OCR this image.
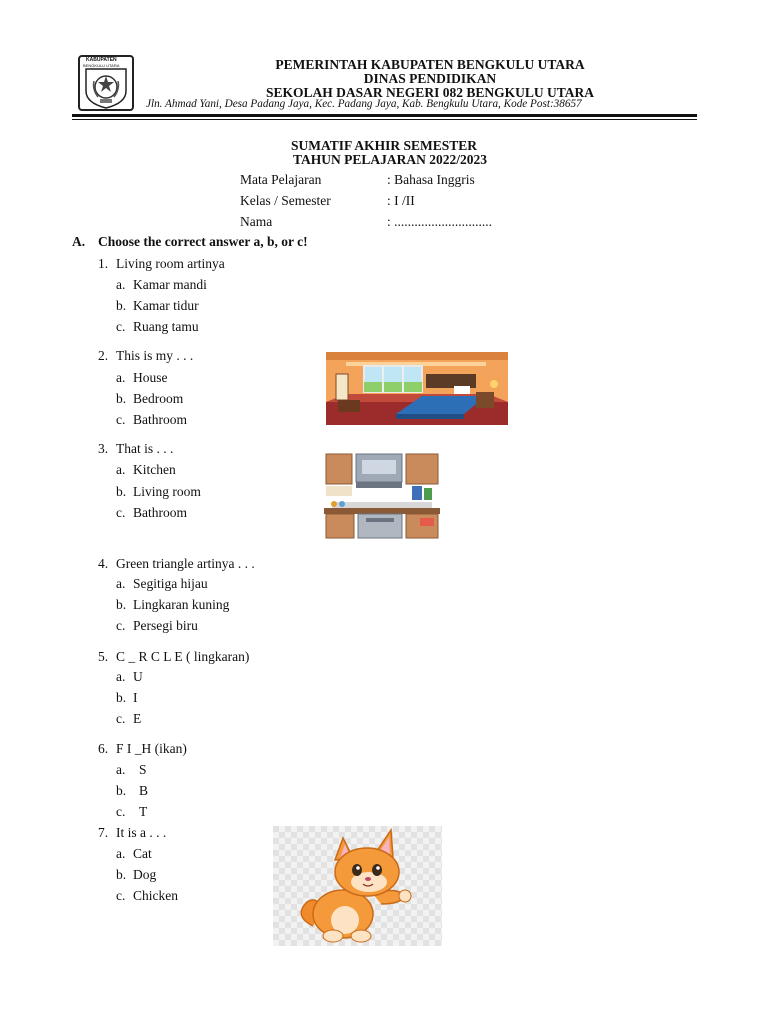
KABUPATEN
BENGKULU UTARA	PEMERINTAH KABUPATEN BENGKULU UTARA
DINAS PENDIDIKAN
SEKOLAH DASAR NEGERI 082 BENGKULU UTARA
Jln. Ahmad Yani, Desa Padang Jaya, Kec. Padang Jaya, Kab. Bengkulu Utara, Kode Post:38657
SUMATIF AKHIR SEMESTER
TAHUN PELAJARAN 2022/2023
Mata Pelajaran	: Bahasa Inggris
Kelas / Semester	: I /II
Nama	: .............................
A. Choose the correct answer a, b, or c!
1. Living room artinya
a. Kamar mandi
b. Kamar tidur
c. Ruang tamu
2. This is my . . .
a. House
b. Bedroom
c. Bathroom
3. That is . . .
a. Kitchen
b. Living room
c. Bathroom
4. Green triangle artinya . . .
a. Segitiga hijau
b. Lingkaran kuning
c. Persegi biru
5. C _ R C L E ( lingkaran)
a. U
b. I
c. E
6. F I _H (ikan)
a. S
b. B
c. T
7. It is a . . .
a. Cat
b. Dog
c. Chicken
